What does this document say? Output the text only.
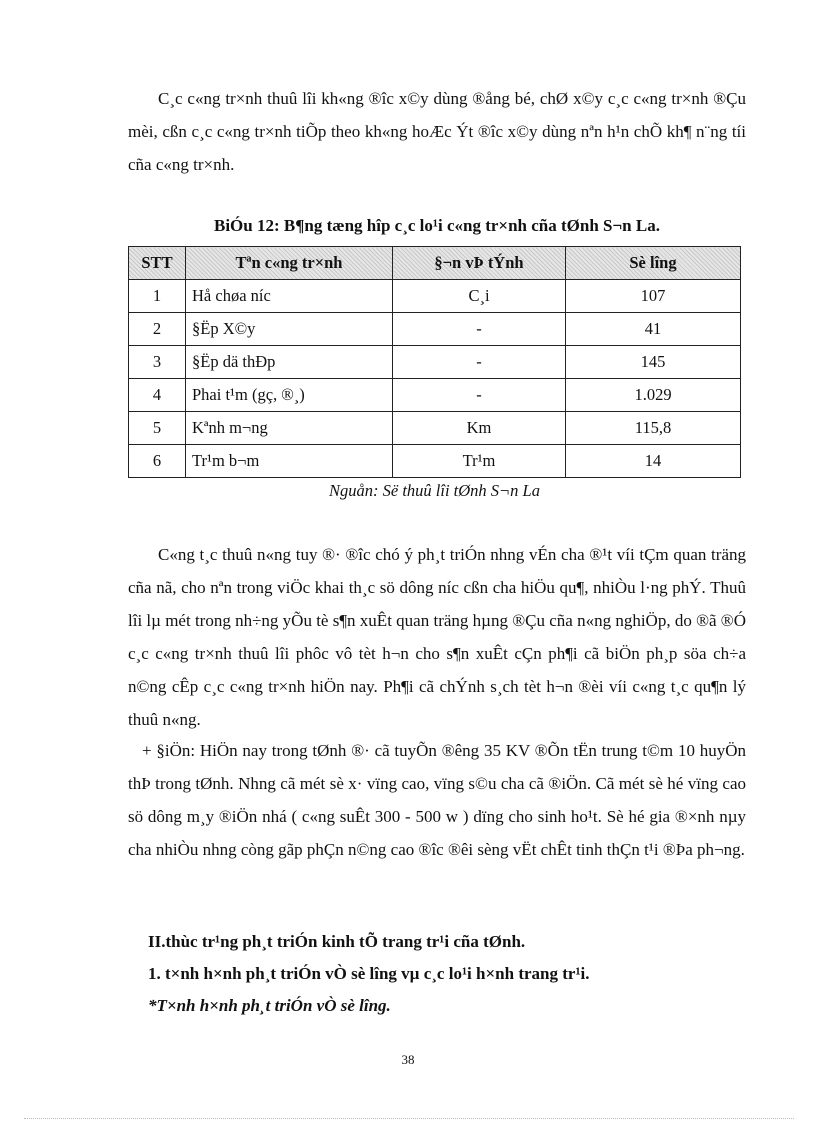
C¸c c«ng tr×nh thuû lîi kh«ng ®îc x©y dùng ®ång bé, chØ x©y c¸c c«ng tr×nh ®Çu mèi, cßn c¸c c«ng tr×nh tiÕp theo kh«ng hoÆc Ýt ®îc x©y dùng nªn h¹n chÕ kh¶ n¨ng tíi cña c«ng tr×nh.

BiÓu 12: B¶ng tæng hîp c¸c lo¹i c«ng tr×nh cña tØnh S¬n La.

STT	Tªn c«ng tr×nh	§¬n vÞ tÝnh	Sè lîng
1	Hå chøa níc	C¸i	107
2	§Ëp X©y	-	41
3	§Ëp dä thÐp	-	145
4	Phai t¹m (gç, ®¸)	-	1.029
5	Kªnh m¬ng	Km	115,8
6	Tr¹m b¬m	Tr¹m	14

Nguån: Së thuû lîi tØnh S¬n La

C«ng t¸c thuû n«ng tuy ®· ®îc chó ý ph¸t triÓn nhng vÉn cha ®¹t víi tÇm quan träng cña nã, cho nªn trong viÖc khai th¸c sö dông níc cßn cha hiÖu qu¶, nhiÒu l·ng phÝ. Thuû lîi lµ mét trong nh÷ng yÕu tè s¶n xuÊt quan träng hµng ®Çu cña n«ng nghiÖp, do ®ã ®Ó c¸c c«ng tr×nh thuû lîi phôc vô tèt h¬n cho s¶n xuÊt cÇn ph¶i cã biÖn ph¸p söa ch÷a n©ng cÊp c¸c c«ng tr×nh hiÖn nay. Ph¶i cã chÝnh s¸ch tèt h¬n ®èi víi c«ng t¸c qu¶n lý thuû n«ng.

+ §iÖn: HiÖn nay trong tØnh ®· cã tuyÕn ®êng 35 KV ®Õn tËn trung t©m 10 huyÖn thÞ trong tØnh. Nhng cã mét sè x· vïng cao, vïng s©u cha cã ®iÖn. Cã mét sè hé vïng cao sö dông m¸y ®iÖn nhá ( c«ng suÊt 300 - 500 w ) dïng cho sinh ho¹t. Sè hé gia ®×nh nµy cha nhiÒu nhng còng gãp phÇn n©ng cao ®îc ®êi sèng vËt chÊt tinh thÇn t¹i ®Þa ph¬ng.

II.thùc tr¹ng ph¸t triÓn kinh tÕ trang tr¹i cña tØnh.

1. t×nh h×nh ph¸t triÓn vÒ sè lîng vµ c¸c lo¹i h×nh trang tr¹i.

*T×nh h×nh ph¸t triÓn vÒ sè lîng.

38
